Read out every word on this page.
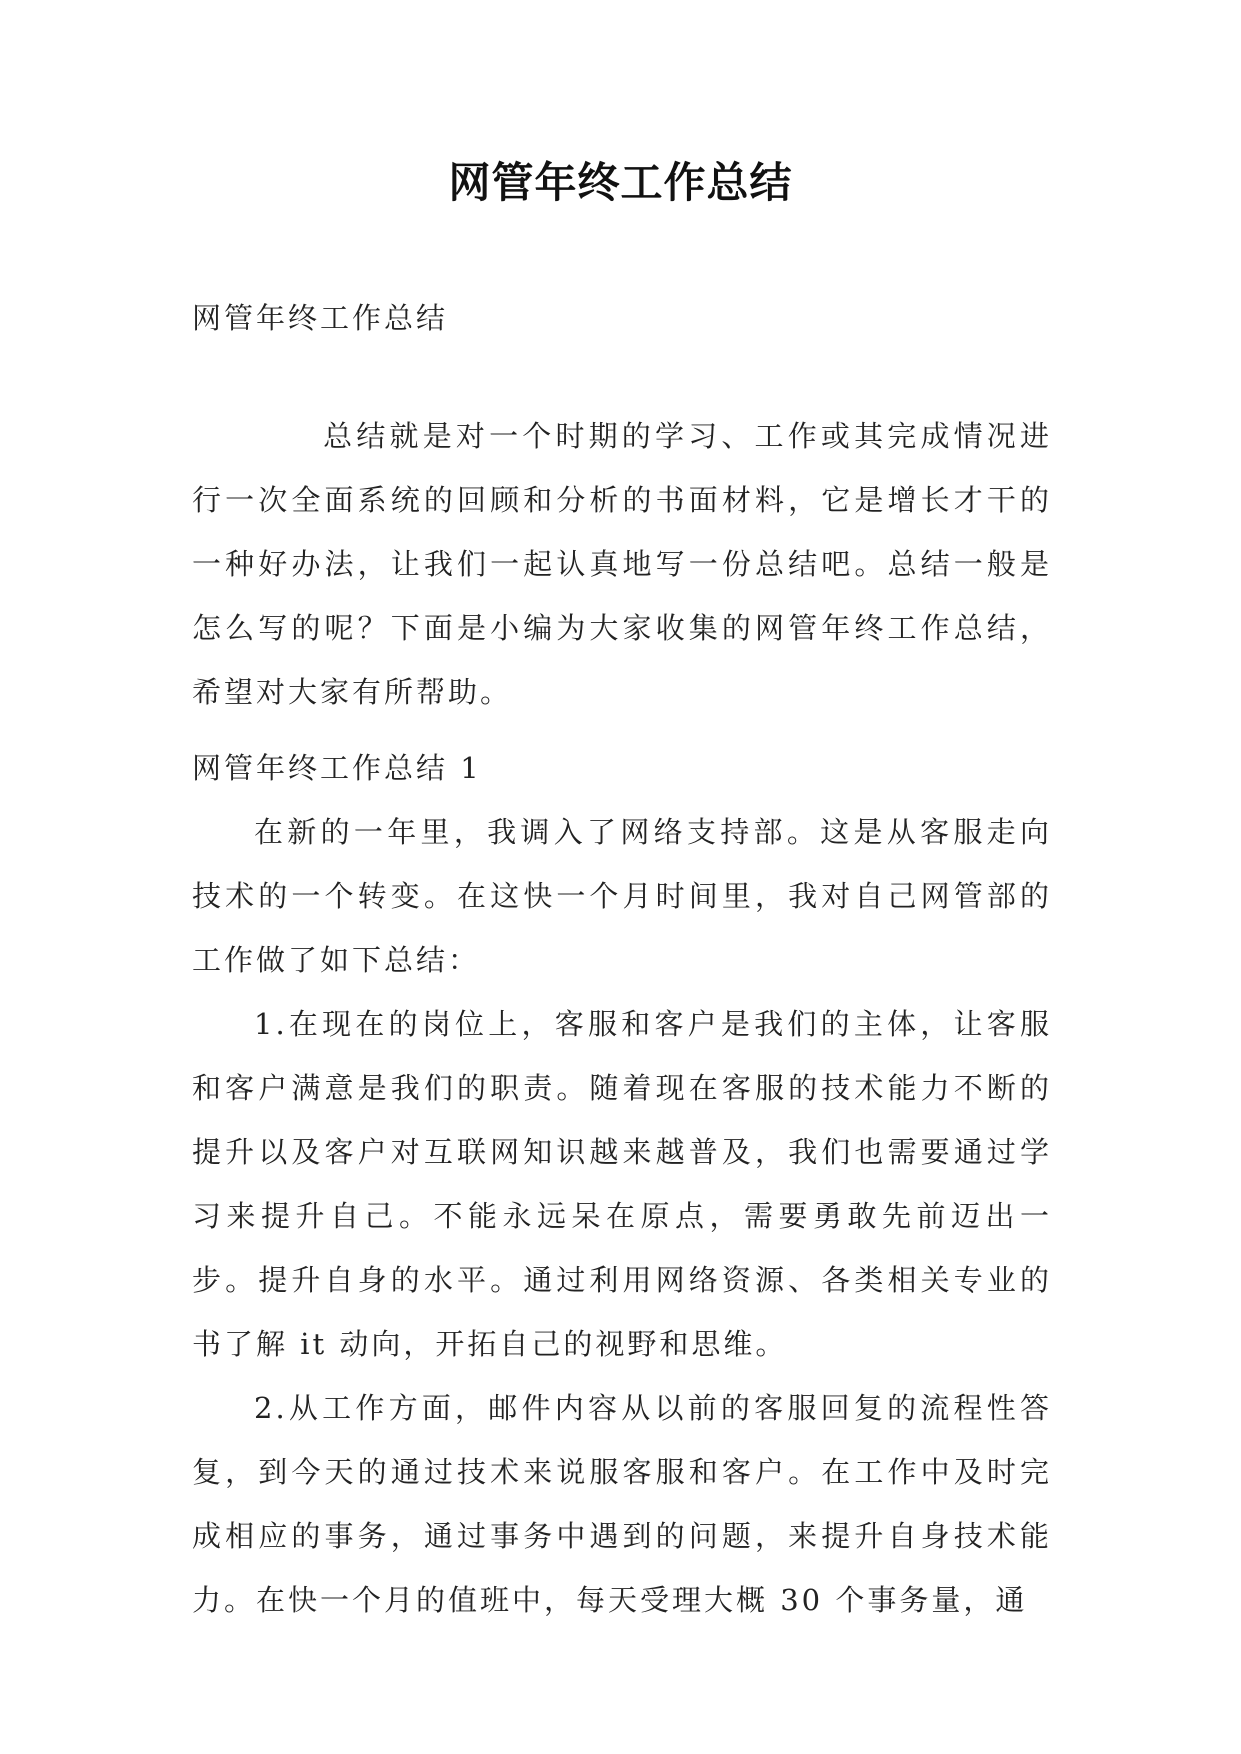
网管年终工作总结
网管年终工作总结
总结就是对一个时期的学习、工作或其完成情况进行一次全面系统的回顾和分析的书面材料，它是增长才干的一种好办法，让我们一起认真地写一份总结吧。总结一般是怎么写的呢？下面是小编为大家收集的网管年终工作总结，希望对大家有所帮助。
网管年终工作总结 1

在新的一年里，我调入了网络支持部。这是从客服走向技术的一个转变。在这快一个月时间里，我对自己网管部的工作做了如下总结：

1.在现在的岗位上，客服和客户是我们的主体，让客服和客户满意是我们的职责。随着现在客服的技术能力不断的提升以及客户对互联网知识越来越普及，我们也需要通过学习来提升自己。不能永远呆在原点，需要勇敢先前迈出一步。提升自身的水平。通过利用网络资源、各类相关专业的书了解 it 动向，开拓自己的视野和思维。

2.从工作方面，邮件内容从以前的客服回复的流程性答复，到今天的通过技术来说服客服和客户。在工作中及时完成相应的事务，通过事务中遇到的问题，来提升自身技术能力。在快一个月的值班中，每天受理大概 30 个事务量，通
